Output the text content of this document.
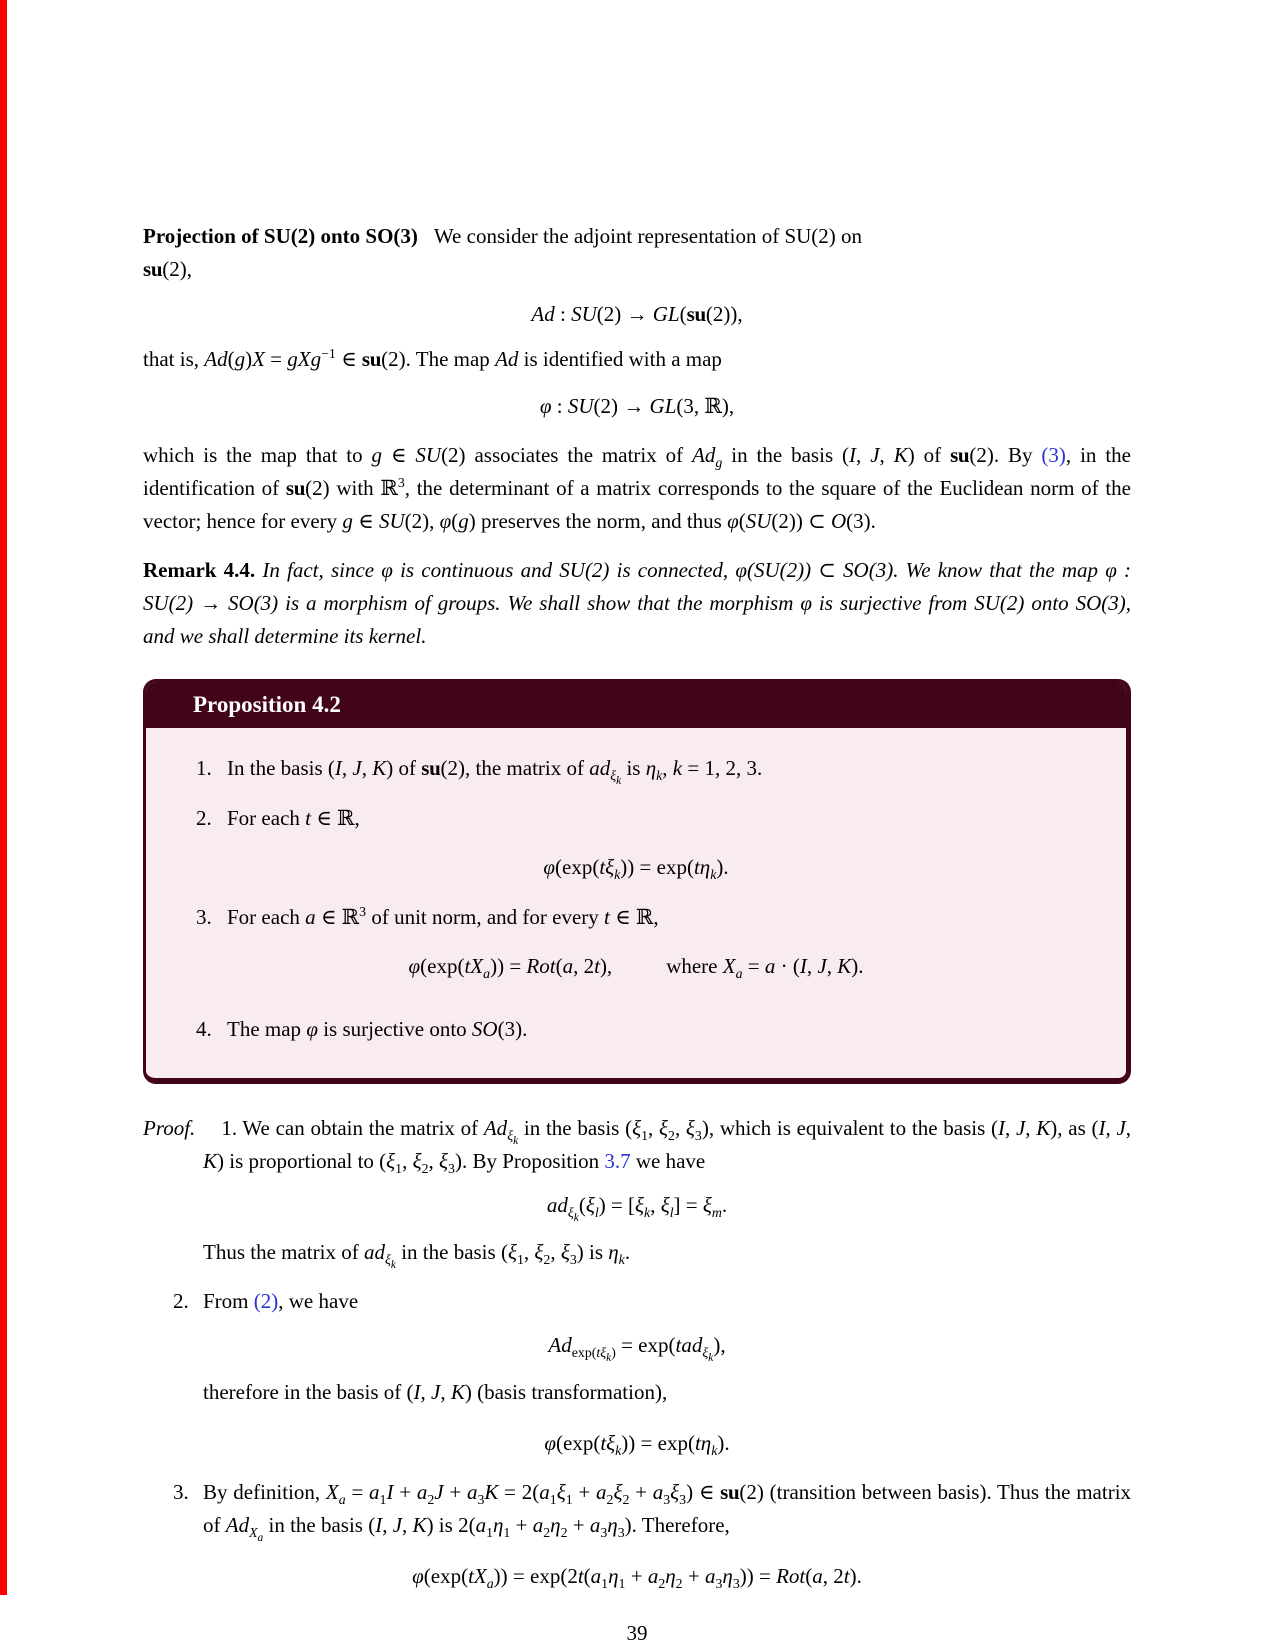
Projection of SU(2) onto SO(3) We consider the adjoint representation of SU(2) on
su(2),

Ad : SU(2) → GL(su(2)),

that is, Ad(g)X = gXg$^{-1}$ ∈ su(2). The map Ad is identified with a map

φ : SU(2) → GL(3, ℝ),

which is the map that to g ∈ SU(2) associates the matrix of $Ad_g$ in the basis (I, J, K) of su(2). By (3), in the identification of su(2) with ℝ$^3$, the determinant of a matrix corresponds to the square of the Euclidean norm of the vector; hence for every g ∈ SU(2), φ(g) preserves the norm, and thus φ(SU(2)) ⊂ O(3).

Remark 4.4. In fact, since φ is continuous and SU(2) is connected, φ(SU(2)) ⊂ SO(3). We know that the map φ : SU(2) → SO(3) is a morphism of groups. We shall show that the morphism φ is surjective from SU(2) onto SO(3), and we shall determine its kernel.

Proposition 4.2
1. In the basis (I, J, K) of su(2), the matrix of $ad_{\xi_k}$ is $\eta_k$, k = 1, 2, 3.
2. For each t ∈ ℝ,
$\varphi(\exp(t\xi_k)) = \exp(t\eta_k)$.
3. For each a ∈ ℝ$^3$ of unit norm, and for every t ∈ ℝ,
$\varphi(\exp(tX_a)) = Rot(a$, 2t),	where $X_a = a \cdot (I$, J, K).
4. The map φ is surjective onto SO(3).

Proof. 1. We can obtain the matrix of $Ad_{\xi_k}$ in the basis ($\xi_1$, $\xi_2$, $\xi_3$), which is equivalent to the basis (I, J, K), as (I, J, K) is proportional to ($\xi_1$, $\xi_2$, $\xi_3$). By Proposition 3.7 we have

$ad_{\xi_k}(\xi_l) = [\xi_k$, $\xi_l] = \xi_m$.

Thus the matrix of $ad_{\xi_k}$ in the basis ($\xi_1$, $\xi_2$, $\xi_3$) is $\eta_k$.

2. From (2), we have
$Ad_{exp(t\xi_k)} = \exp(tad_{\xi_k})$,

therefore in the basis of (I, J, K) (basis transformation),

$\varphi(\exp(t\xi_k)) = \exp(t\eta_k)$.
3. By definition, $X_a = a_1I + a_2J + a_3K = 2(a_1\xi_1 + a_2\xi_2 + a_3\xi_3)$ ∈ su(2) (transition between basis). Thus the matrix of $Ad_{X_a}$ in the basis (I, J, K) is $2(a_1\eta_1 + a_2\eta_2 + a_3\eta_3)$. Therefore,
$\varphi(\exp(tX_a)) = \exp(2t(a_1\eta_1 + a_2\eta_2 + a_3\eta_3)) = Rot(a$, 2t).
39
